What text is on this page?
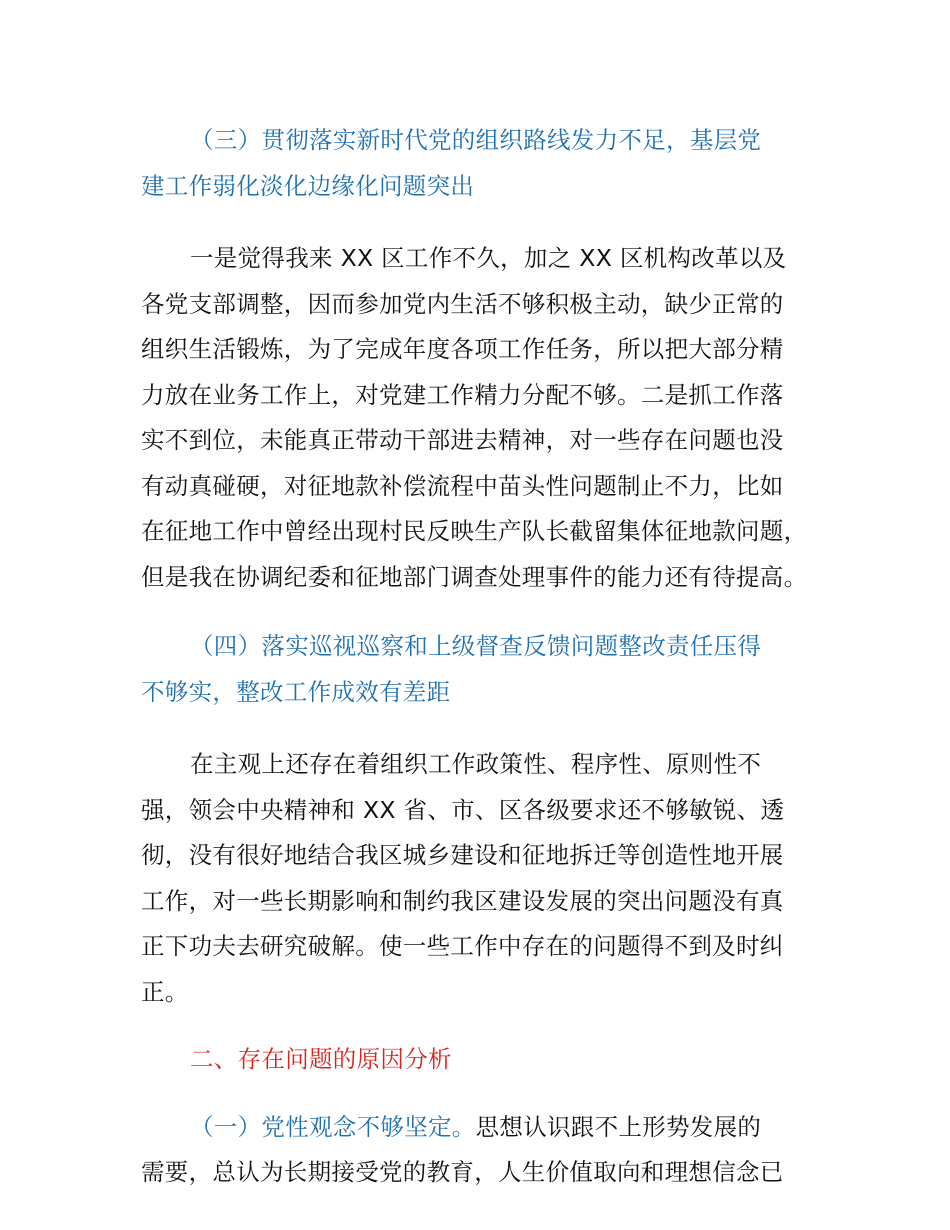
（三）贯彻落实新时代党的组织路线发力不足，基层党
建工作弱化淡化边缘化问题突出
一是觉得我来 XX 区工作不久，加之 XX 区机构改革以及
各党支部调整，因而参加党内生活不够积极主动，缺少正常的
组织生活锻炼，为了完成年度各项工作任务，所以把大部分精
力放在业务工作上，对党建工作精力分配不够。二是抓工作落
实不到位，未能真正带动干部进去精神，对一些存在问题也没
有动真碰硬，对征地款补偿流程中苗头性问题制止不力，比如
在征地工作中曾经出现村民反映生产队长截留集体征地款问题，
但是我在协调纪委和征地部门调查处理事件的能力还有待提高。
（四）落实巡视巡察和上级督查反馈问题整改责任压得
不够实，整改工作成效有差距
在主观上还存在着组织工作政策性、程序性、原则性不
强，领会中央精神和 XX 省、市、区各级要求还不够敏锐、透
彻，没有很好地结合我区城乡建设和征地拆迁等创造性地开展
工作，对一些长期影响和制约我区建设发展的突出问题没有真
正下功夫去研究破解。使一些工作中存在的问题得不到及时纠
正。
二、存在问题的原因分析
（一）党性观念不够坚定。思想认识跟不上形势发展的
需要，总认为长期接受党的教育，人生价值取向和理想信念已
